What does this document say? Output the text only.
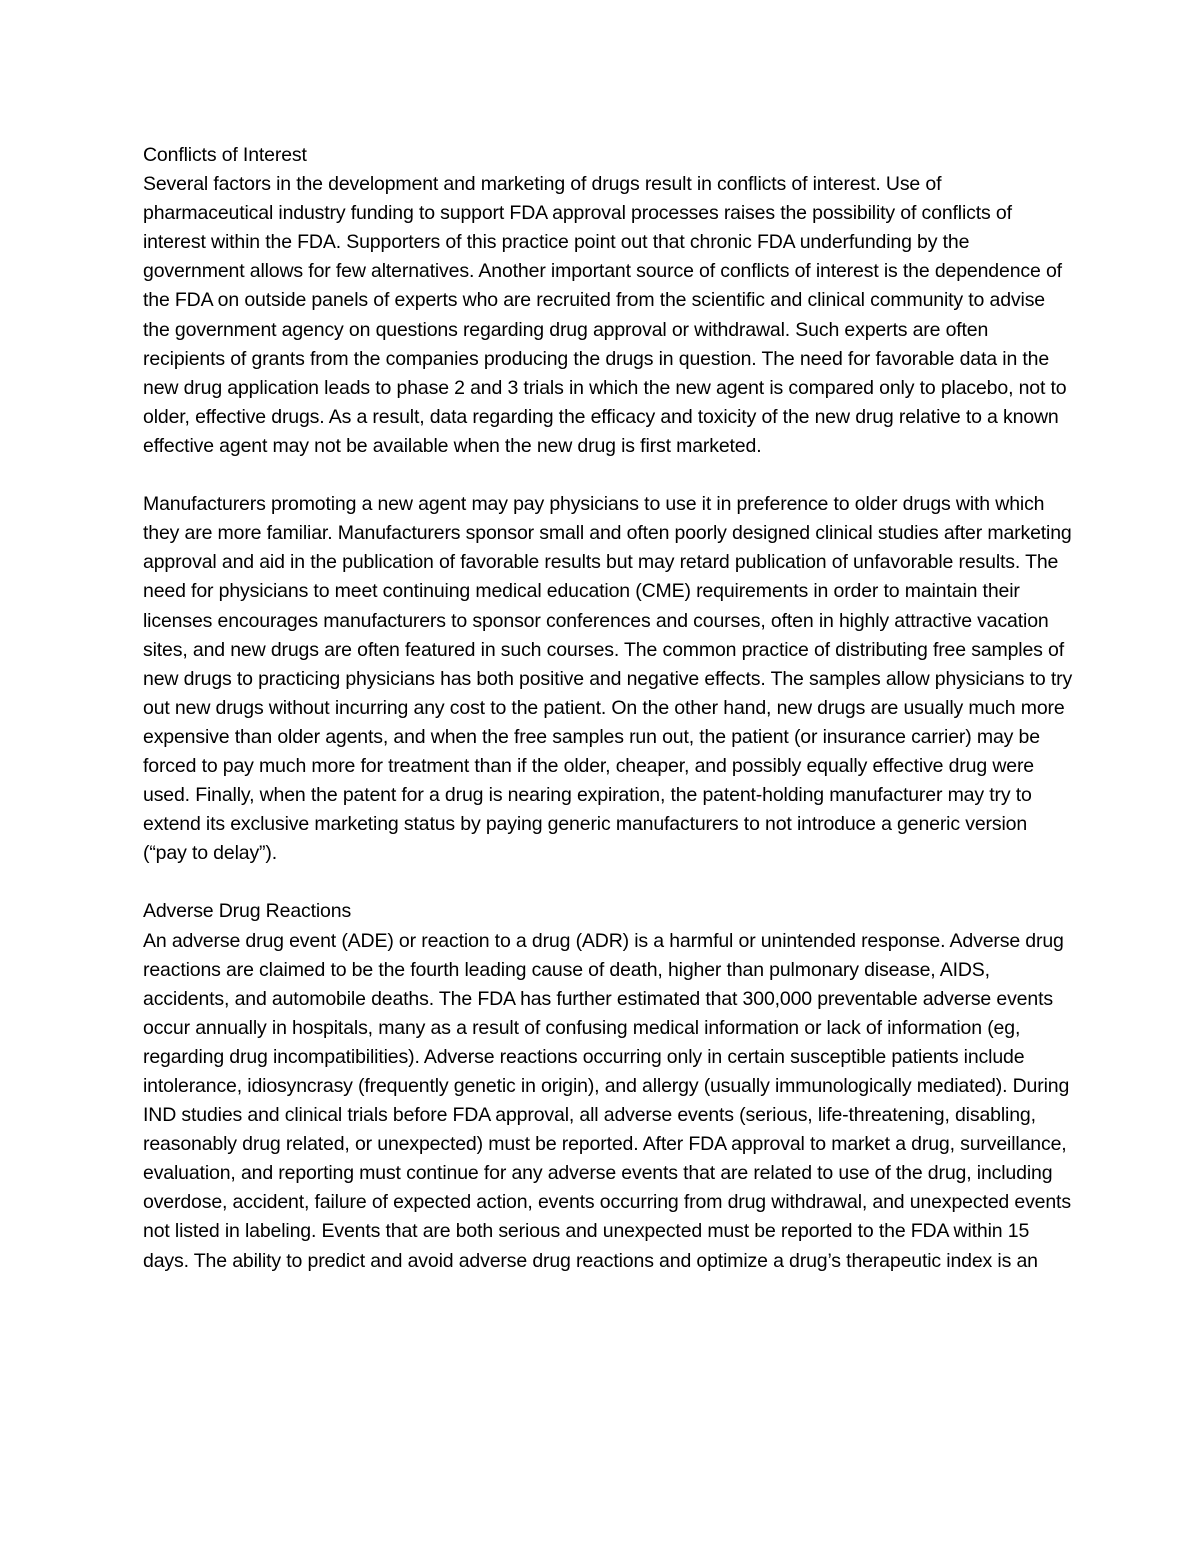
Conflicts of Interest

Several factors in the development and marketing of drugs result in conflicts of interest. Use of pharmaceutical industry funding to support FDA approval processes raises the possibility of conflicts of interest within the FDA. Supporters of this practice point out that chronic FDA underfunding by the government allows for few alternatives. Another important source of conflicts of interest is the dependence of the FDA on outside panels of experts who are recruited from the scientific and clinical community to advise the government agency on questions regarding drug approval or withdrawal. Such experts are often recipients of grants from the companies producing the drugs in question. The need for favorable data in the new drug application leads to phase 2 and 3 trials in which the new agent is compared only to placebo, not to older, effective drugs. As a result, data regarding the efficacy and toxicity of the new drug relative to a known effective agent may not be available when the new drug is first marketed.

Manufacturers promoting a new agent may pay physicians to use it in preference to older drugs with which they are more familiar. Manufacturers sponsor small and often poorly designed clinical studies after marketing approval and aid in the publication of favorable results but may retard publication of unfavorable results. The need for physicians to meet continuing medical education (CME) requirements in order to maintain their licenses encourages manufacturers to sponsor conferences and courses, often in highly attractive vacation sites, and new drugs are often featured in such courses. The common practice of distributing free samples of new drugs to practicing physicians has both positive and negative effects. The samples allow physicians to try out new drugs without incurring any cost to the patient. On the other hand, new drugs are usually much more expensive than older agents, and when the free samples run out, the patient (or insurance carrier) may be forced to pay much more for treatment than if the older, cheaper, and possibly equally effective drug were used. Finally, when the patent for a drug is nearing expiration, the patent-holding manufacturer may try to extend its exclusive marketing status by paying generic manufacturers to not introduce a generic version (“pay to delay”).

Adverse Drug Reactions

An adverse drug event (ADE) or reaction to a drug (ADR) is a harmful or unintended response. Adverse drug reactions are claimed to be the fourth leading cause of death, higher than pulmonary disease, AIDS, accidents, and automobile deaths. The FDA has further estimated that 300,000 preventable adverse events occur annually in hospitals, many as a result of confusing medical information or lack of information (eg, regarding drug incompatibilities). Adverse reactions occurring only in certain susceptible patients include intolerance, idiosyncrasy (frequently genetic in origin), and allergy (usually immunologically mediated). During IND studies and clinical trials before FDA approval, all adverse events (serious, life-threatening, disabling, reasonably drug related, or unexpected) must be reported. After FDA approval to market a drug, surveillance, evaluation, and reporting must continue for any adverse events that are related to use of the drug, including overdose, accident, failure of expected action, events occurring from drug withdrawal, and unexpected events not listed in labeling. Events that are both serious and unexpected must be reported to the FDA within 15 days. The ability to predict and avoid adverse drug reactions and optimize a drug’s therapeutic index is an
